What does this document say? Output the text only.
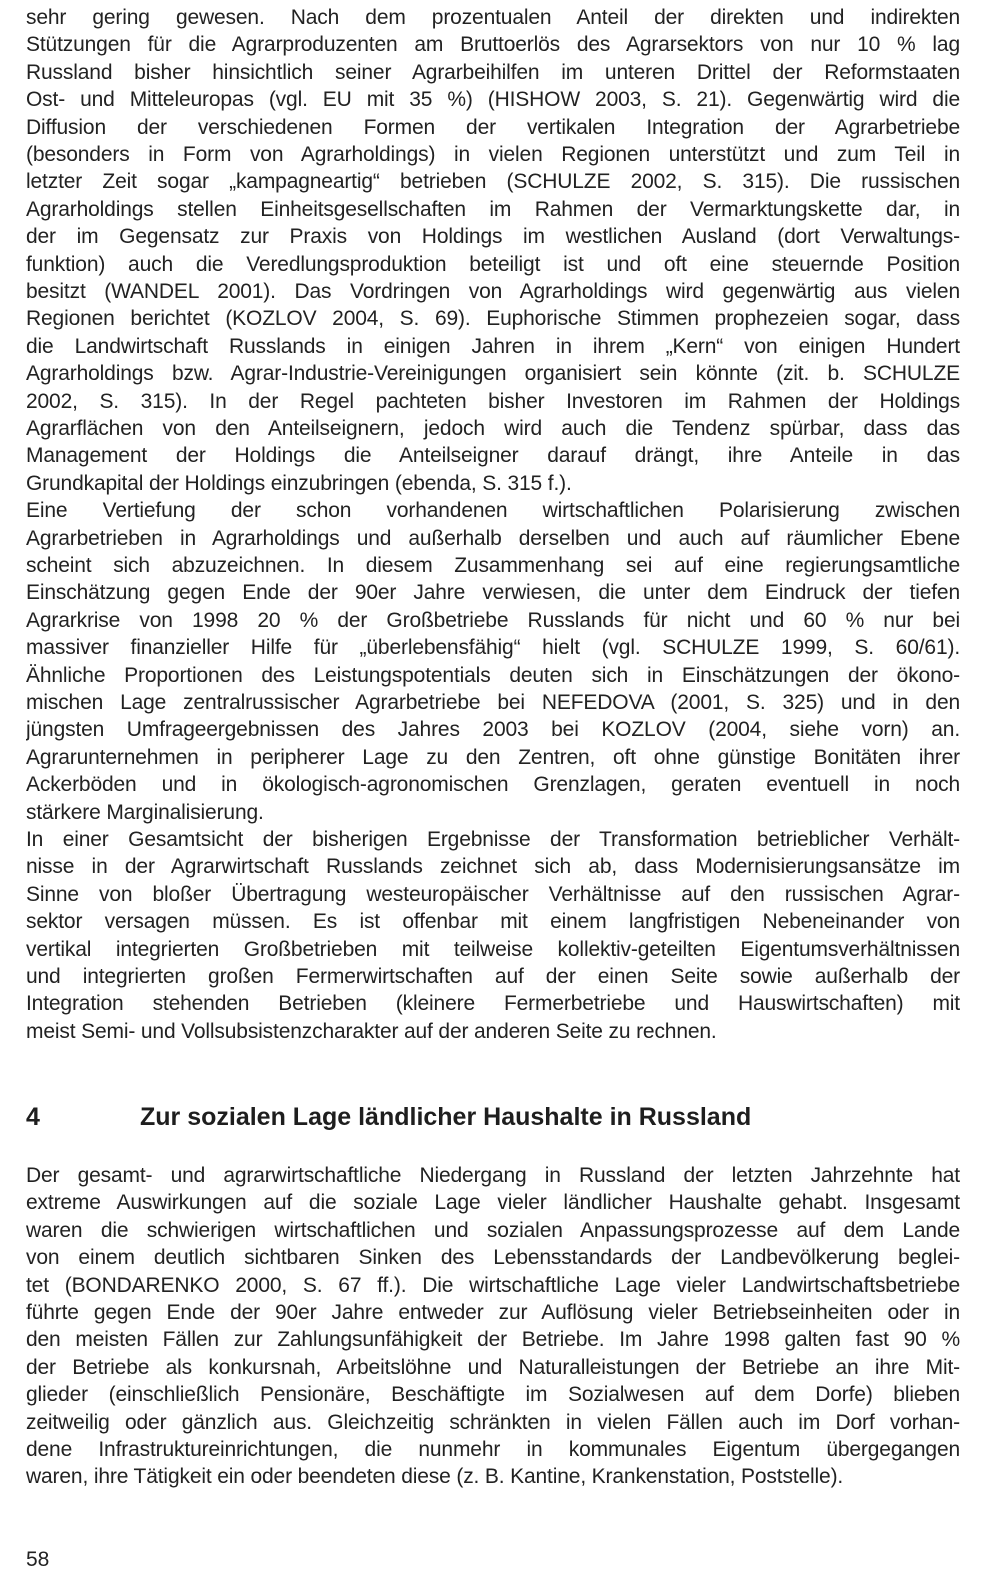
sehr gering gewesen. Nach dem prozentualen Anteil der direkten und indirekten
Stützungen für die Agrarproduzenten am Bruttoerlös des Agrarsektors von nur 10 % lag
Russland bisher hinsichtlich seiner Agrarbeihilfen im unteren Drittel der Reformstaaten
Ost- und Mitteleuropas (vgl. EU mit 35 %) (HISHOW 2003, S. 21). Gegenwärtig wird die
Diffusion der verschiedenen Formen der vertikalen Integration der Agrarbetriebe
(besonders in Form von Agrarholdings) in vielen Regionen unterstützt und zum Teil in
letzter Zeit sogar „kampagneartig“ betrieben (SCHULZE 2002, S. 315). Die russischen
Agrarholdings stellen Einheitsgesellschaften im Rahmen der Vermarktungskette dar, in
der im Gegensatz zur Praxis von Holdings im westlichen Ausland (dort Verwaltungs-
funktion) auch die Veredlungsproduktion beteiligt ist und oft eine steuernde Position
besitzt (WANDEL 2001). Das Vordringen von Agrarholdings wird gegenwärtig aus vielen
Regionen berichtet (KOZLOV 2004, S. 69). Euphorische Stimmen prophezeien sogar, dass
die Landwirtschaft Russlands in einigen Jahren in ihrem „Kern“ von einigen Hundert
Agrarholdings bzw. Agrar-Industrie-Vereinigungen organisiert sein könnte (zit. b. SCHULZE
2002, S. 315). In der Regel pachteten bisher Investoren im Rahmen der Holdings
Agrarflächen von den Anteilseignern, jedoch wird auch die Tendenz spürbar, dass das
Management der Holdings die Anteilseigner darauf drängt, ihre Anteile in das
Grundkapital der Holdings einzubringen (ebenda, S. 315 f.).
Eine Vertiefung der schon vorhandenen wirtschaftlichen Polarisierung zwischen
Agrarbetrieben in Agrarholdings und außerhalb derselben und auch auf räumlicher Ebene
scheint sich abzuzeichnen. In diesem Zusammenhang sei auf eine regierungsamtliche
Einschätzung gegen Ende der 90er Jahre verwiesen, die unter dem Eindruck der tiefen
Agrarkrise von 1998 20 % der Großbetriebe Russlands für nicht und 60 % nur bei
massiver finanzieller Hilfe für „überlebensfähig“ hielt (vgl. SCHULZE 1999, S. 60/61).
Ähnliche Proportionen des Leistungspotentials deuten sich in Einschätzungen der ökono-
mischen Lage zentralrussischer Agrarbetriebe bei NEFEDOVA (2001, S. 325) und in den
jüngsten Umfrageergebnissen des Jahres 2003 bei KOZLOV (2004, siehe vorn) an.
Agrarunternehmen in peripherer Lage zu den Zentren, oft ohne günstige Bonitäten ihrer
Ackerböden und in ökologisch-agronomischen Grenzlagen, geraten eventuell in noch
stärkere Marginalisierung.
In einer Gesamtsicht der bisherigen Ergebnisse der Transformation betrieblicher Verhält-
nisse in der Agrarwirtschaft Russlands zeichnet sich ab, dass Modernisierungsansätze im
Sinne von bloßer Übertragung westeuropäischer Verhältnisse auf den russischen Agrar-
sektor versagen müssen. Es ist offenbar mit einem langfristigen Nebeneinander von
vertikal integrierten Großbetrieben mit teilweise kollektiv-geteilten Eigentumsverhältnissen
und integrierten großen Fermerwirtschaften auf der einen Seite sowie außerhalb der
Integration stehenden Betrieben (kleinere Fermerbetriebe und Hauswirtschaften) mit
meist Semi- und Vollsubsistenzcharakter auf der anderen Seite zu rechnen.
4	Zur sozialen Lage ländlicher Haushalte in Russland
Der gesamt- und agrarwirtschaftliche Niedergang in Russland der letzten Jahrzehnte hat
extreme Auswirkungen auf die soziale Lage vieler ländlicher Haushalte gehabt. Insgesamt
waren die schwierigen wirtschaftlichen und sozialen Anpassungsprozesse auf dem Lande
von einem deutlich sichtbaren Sinken des Lebensstandards der Landbevölkerung beglei-
tet (BONDARENKO 2000, S. 67 ff.). Die wirtschaftliche Lage vieler Landwirtschaftsbetriebe
führte gegen Ende der 90er Jahre entweder zur Auflösung vieler Betriebseinheiten oder in
den meisten Fällen zur Zahlungsunfähigkeit der Betriebe. Im Jahre 1998 galten fast 90 %
der Betriebe als konkursnah, Arbeitslöhne und Naturalleistungen der Betriebe an ihre Mit-
glieder (einschließlich Pensionäre, Beschäftigte im Sozialwesen auf dem Dorfe) blieben
zeitweilig oder gänzlich aus. Gleichzeitig schränkten in vielen Fällen auch im Dorf vorhan-
dene Infrastruktureinrichtungen, die nunmehr in kommunales Eigentum übergegangen
waren, ihre Tätigkeit ein oder beendeten diese (z. B. Kantine, Krankenstation, Poststelle).
58
